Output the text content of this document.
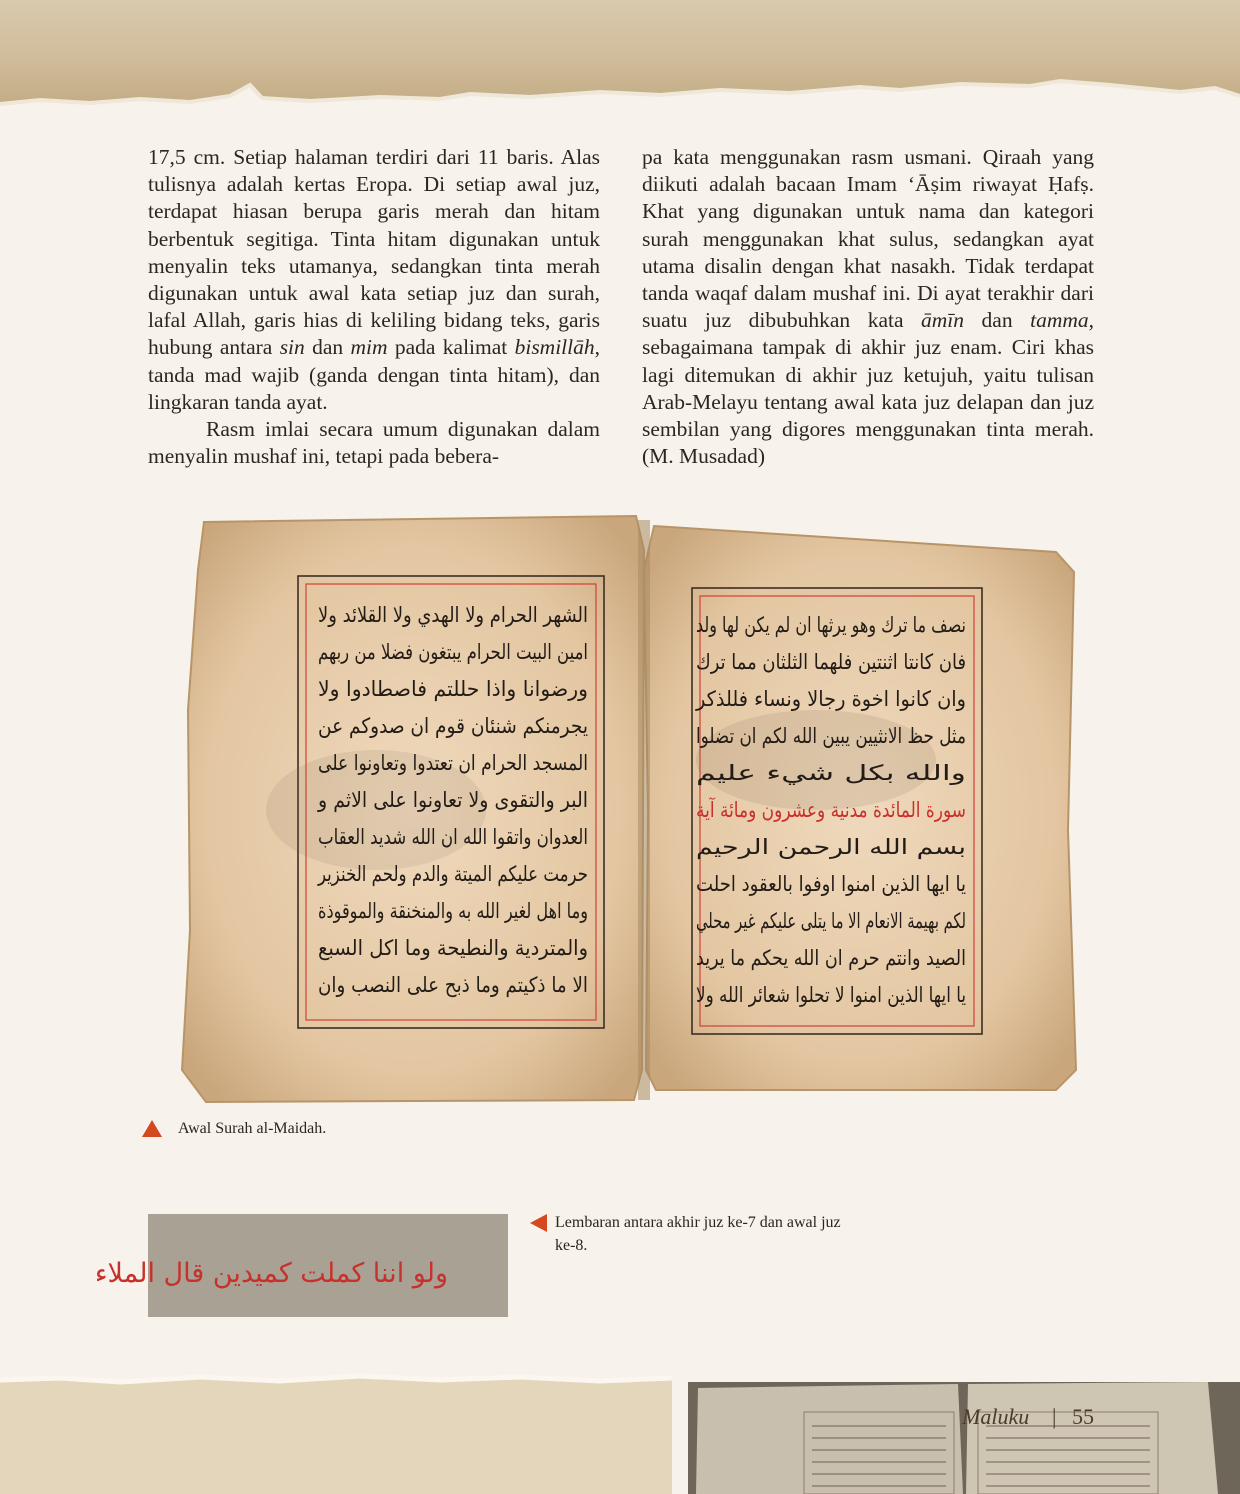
17,5 cm. Setiap halaman terdiri dari 11 baris. Alas tulisnya adalah kertas Eropa. Di setiap awal juz, terdapat hiasan berupa garis merah dan hitam berbentuk segitiga. Tinta hitam digunakan untuk menyalin teks utamanya, sedangkan tinta merah digunakan untuk awal kata setiap juz dan surah, lafal Allah, garis hias di keliling bidang teks, garis hubung antara sin dan mim pada kalimat bismillāh, tanda mad wajib (ganda dengan tinta hitam), dan lingkaran tanda ayat.

Rasm imlai secara umum digunakan dalam menyalin mushaf ini, tetapi pada bebera-

pa kata menggunakan rasm usmani. Qiraah yang diikuti adalah bacaan Imam ‘Āṣim riwayat Ḥafṣ. Khat yang digunakan untuk nama dan kategori surah menggunakan khat sulus, sedangkan ayat utama disalin dengan khat nasakh. Tidak terdapat tanda waqaf dalam mushaf ini. Di ayat terakhir dari suatu juz dibubuhkan kata āmīn dan tamma, sebagaimana tampak di akhir juz enam. Ciri khas lagi ditemukan di akhir juz ketujuh, yaitu tulisan Arab-Melayu tentang awal kata juz delapan dan juz sembilan yang digores menggunakan tinta merah. (M. Musadad)

الشهر الحرام ولا الهدي ولا القلائد ولا
امين البيت الحرام يبتغون فضلا من ربهم
ورضوانا واذا حللتم فاصطادوا ولا
يجرمنكم شنئان قوم ان صدوكم عن
المسجد الحرام ان تعتدوا وتعاونوا على
البر والتقوى ولا تعاونوا على الاثم و
العدوان واتقوا الله ان الله شديد العقاب
حرمت عليكم الميتة والدم ولحم الخنزير
وما اهل لغير الله به والمنخنقة والموقوذة
والمتردية والنطيحة وما اكل السبع
الا ما ذكيتم وما ذبح على النصب وان
نصف ما ترك وهو يرثها ان لم يكن لها ولد
فان كانتا اثنتين فلهما الثلثان مما ترك
وان كانوا اخوة رجالا ونساء فللذكر
مثل حظ الانثيين يبين الله لكم ان تضلوا
والله بكل شيء عليم
سورة المائدة مدنية وعشرون ومائة آية
بسم الله الرحمن الرحيم
يا ايها الذين امنوا اوفوا بالعقود احلت
لكم بهيمة الانعام الا ما يتلى عليكم غير محلي
الصيد وانتم حرم ان الله يحكم ما يريد
يا ايها الذين امنوا لا تحلوا شعائر الله ولا
Awal Surah al-Maidah.
ولو اننا كملت كميدين قال الملاء
Lembaran antara akhir juz ke-7 dan awal juz ke-8.
Maluku | 55
